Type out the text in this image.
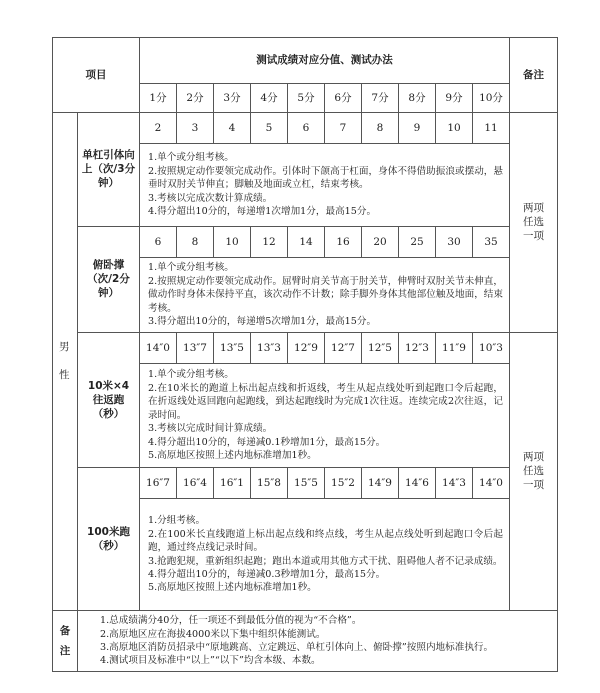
项目		测试成绩对应分值、测试办法										备注
		1分	2分	3分	4分	5分	6分	7分	8分	9分	10分	
男性	单杠引体向上（次/3分钟）	2	3	4	5	6	7	8	9	10	11	两项任选一项

		1.单个或分组考核。

2.按照规定动作要领完成动作。引体时下颌高于杠面，身体不得借助振浪或摆动，悬垂时双肘关节伸直；脚触及地面或立杠，结束考核。

3.考核以完成次数计算成绩。

4.得分超出10分的，每递增1次增加1分，最高15分。										

	俯卧撑（次/2分钟）	6	8	10	12	14	16	20	25	30	35	

		1.单个或分组考核。

2.按照规定动作要领完成动作。屈臂时肩关节高于肘关节，伸臂时双肘关节未伸直，做动作时身体未保持平直，该次动作不计数；除手脚外身体其他部位触及地面，结束考核。

3.得分超出10分的，每递增5次增加1分，最高15分。										

	10米×4往返跑（秒）	14″0	13″7	13″5	13″3	12″9	12″7	12″5	12″3	11″9	10″3	两项任选一项

		1.单个或分组考核。

2.在10米长的跑道上标出起点线和折返线，考生从起点线处听到起跑口令后起跑，在折返线处返回跑向起跑线，到达起跑线时为完成1次往返。连续完成2次往返，记录时间。

3.考核以完成时间计算成绩。

4.得分超出10分的，每递减0.1秒增加1分，最高15分。

5.高原地区按照上述内地标准增加1秒。										

	100米跑（秒）	16″7	16″4	16″1	15″8	15″5	15″2	14″9	14″6	14″3	14″0	

		1.分组考核。

2.在100米长直线跑道上标出起点线和终点线，考生从起点线处听到起跑口令后起跑，通过终点线记录时间。

3.抢跑犯规，重新组织起跑；跑出本道或用其他方式干扰、阻碍他人者不记录成绩。

4.得分超出10分的，每递减0.3秒增加1分，最高15分。

5.高原地区按照上述内地标准增加1秒。										

备注	1.总成绩满分40分，任一项还不到最低分值的视为“不合格”。

2.高原地区应在海拔4000米以下集中组织体能测试。

3.高原地区消防员招录中“原地跳高、立定跳远、单杠引体向上、俯卧撑”按照内地标准执行。

4.测试项目及标准中“以上”“以下”均含本级、本数。											
